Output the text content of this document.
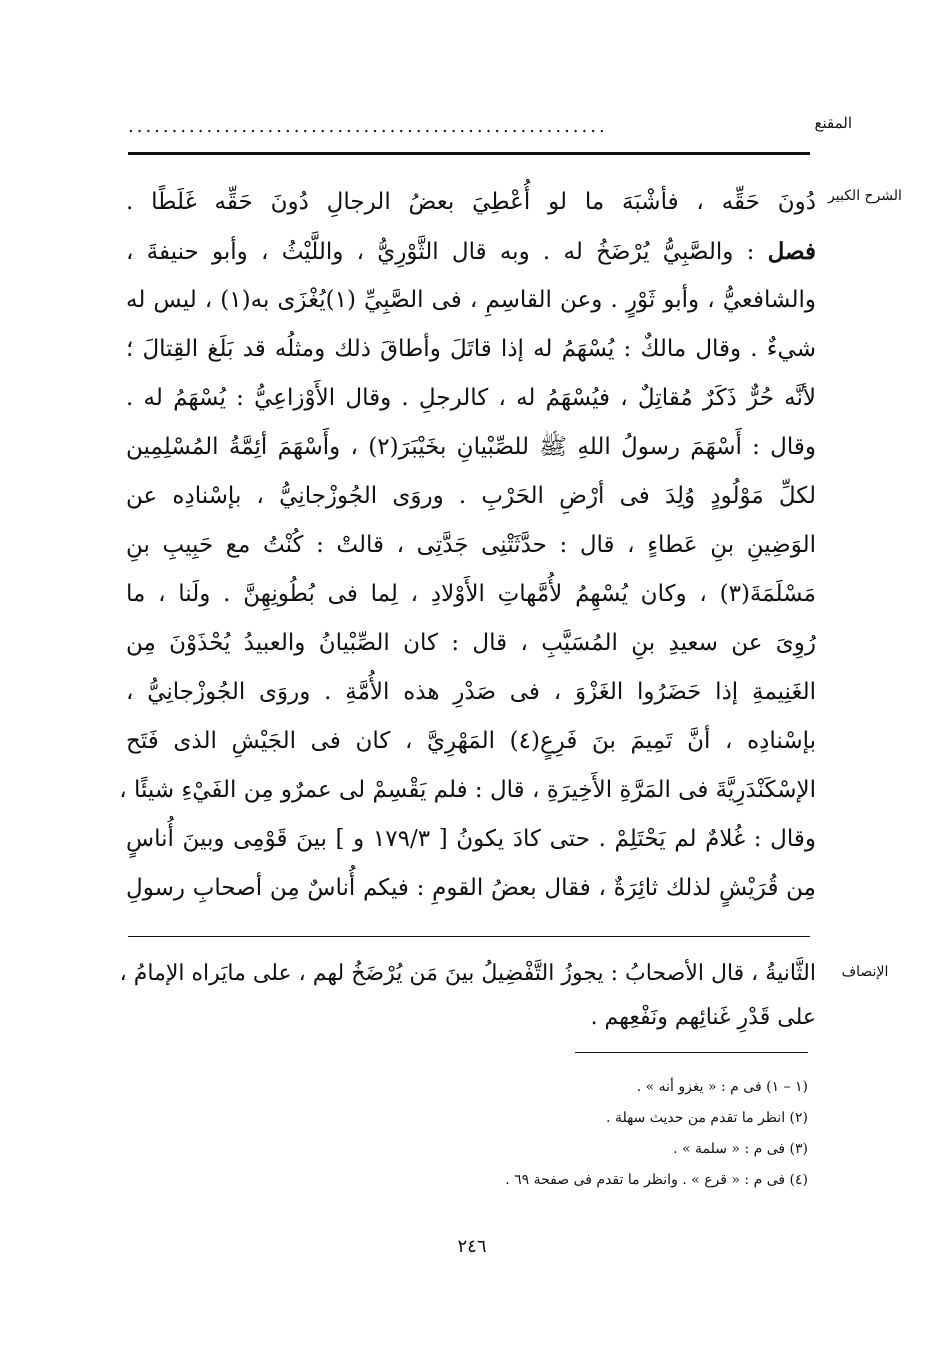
المقنع
.......................................................
الشرح الكبير
دُونَ حَقِّه ، فأشْبَهَ ما لو أُعْطِيَ بعضُ الرجالِ دُونَ حَقِّه غَلَطًا .
فصل : والصَّبِيُّ يُرْضَخُ له . وبه قال الثَّوْرِيُّ ، واللَّيْثُ ، وأبو حنيفةَ ،
والشافعيُّ ، وأبو ثَوْرٍ . وعن القاسِمِ ، فى الصَّبِيِّ (١)يُغْزَى به(١) ، ليس له
شيءٌ . وقال مالكٌ : يُسْهَمُ له إذا قاتَلَ وأطاقَ ذلك ومثلُه قد بَلَغ القِتالَ ؛
لأنَّه حُرٌّ ذَكَرٌ مُقاتِلٌ ، فيُسْهَمُ له ، كالرجلِ . وقال الأَوْزاعِيُّ : يُسْهَمُ له .
وقال : أَسْهَمَ رسولُ اللهِ ﷺ للصِّبْيانِ بخَيْبَرَ(٢) ، وأَسْهَمَ أئِمَّةُ المُسْلِمِين
لكلِّ مَوْلُودٍ وُلِدَ فى أرْضِ الحَرْبِ . وروَى الجُوزْجانِيُّ ، بإسْنادِه عن
الوَضِينِ بنِ عَطاءٍ ، قال : حدَّثَتْنِى جَدَّتِى ، قالتْ : كُنْتُ مع حَبِيبِ بنِ
مَسْلَمَةَ(٣) ، وكان يُسْهِمُ لأُمَّهاتِ الأَوْلادِ ، لِما فى بُطُونِهِنَّ . ولَنا ، ما
رُوِىَ عن سعيدِ بنِ المُسَيَّبِ ، قال : كان الصِّبْيانُ والعبيدُ يُحْذَوْنَ مِن
الغَنِيمةِ إذا حَضَرُوا الغَزْوَ ، فى صَدْرِ هذه الأُمَّةِ . وروَى الجُوزْجانِيُّ ،
بإسْنادِه ، أنَّ تَمِيمَ بنَ فَرِعٍ(٤) المَهْرِيَّ ، كان فى الجَيْشِ الذى فَتَح
الإسْكَنْدَرِيَّةَ فى المَرَّةِ الأَخِيرَةِ ، قال : فلم يَقْسِمْ لى عمرٌو مِن الفَيْءِ شيئًا ،
وقال : غُلامٌ لم يَحْتَلِمْ . حتى كادَ يكونُ [ ١٧٩/٣ و ] بينَ قَوْمِى وبينَ أُناسٍ
مِن قُرَيْشٍ لذلك ثائِرَةٌ ، فقال بعضُ القومِ : فيكم أُناسٌ مِن أصحابِ رسولِ
الإنصاف
الثَّانيةُ ، قال الأصحابُ : يجوزُ التَّفْضِيلُ بينَ مَن يُرْضَخُ لهم ، على مايَراه الإمامُ ،
على قَدْرِ غَنائِهم ونَفْعِهم .
(١ – ١) فى م : « يغزو أنه » .
(٢) انظر ما تقدم من حديث سهلة .
(٣) فى م : « سلمة » .
(٤) فى م : « قرع » . وانظر ما تقدم فى صفحة ٦٩ .
٢٤٦
